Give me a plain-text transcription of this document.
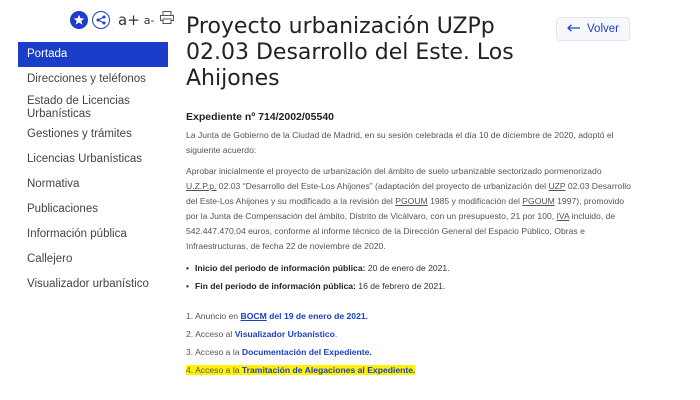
a+ a-
Portada
Direcciones y teléfonos
Estado de Licencias Urbanísticas
Gestiones y trámites
Licencias Urbanísticas
Normativa
Publicaciones
Información pública
Callejero
Visualizador urbanístico
Proyecto urbanización UZPp 02.03 Desarrollo del Este. Los Ahijones
Volver
Expediente nº 714/2002/05540

La Junta de Gobierno de la Ciudad de Madrid, en su sesión celebrada el día 10 de diciembre de 2020, adoptó el siguiente acuerdo:

Aprobar inicialmente el proyecto de urbanización del ámbito de suelo urbanizable sectorizado pormenorizado U.Z.P.p. 02.03 “Desarrollo del Este-Los Ahijones” (adaptación del proyecto de urbanización del UZP 02.03 Desarrollo del Este-Los Ahijones y su modificado a la revisión del PGOUM 1985 y modificación del PGOUM 1997), promovido por la Junta de Compensación del ámbito, Distrito de Vicálvaro, con un presupuesto, 21 por 100, IVA incluido, de 542.447.470,04 euros, conforme al informe técnico de la Dirección General del Espacio Público, Obras e Infraestructuras, de fecha 22 de noviembre de 2020.

• Inicio del periodo de información pública: 20 de enero de 2021.
• Fin del periodo de información pública: 16 de febrero de 2021.
1. Anuncio en BOCM del 19 de enero de 2021.
2. Acceso al Visualizador Urbanístico.
3. Acceso a la Documentación del Expediente.
4. Acceso a la Tramitación de Alegaciones al Expediente.
